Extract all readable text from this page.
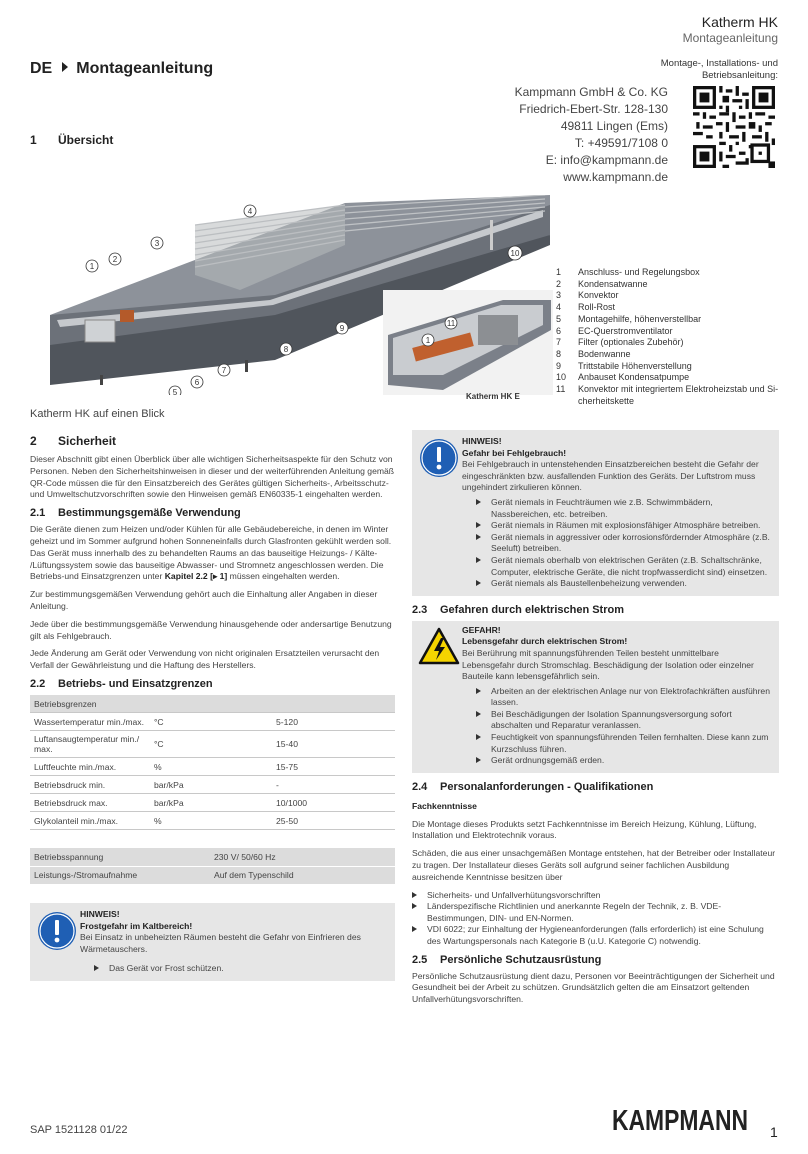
Katherm HK
Montageanleitung
DE Montageanleitung	Montage-, Installations- und
Betriebsanleitung:
Kampmann GmbH & Co. KG
Friedrich-Ebert-Str. 128-130
49811 Lingen (Ems)
T: +49591/7108 0
E: info@kampmann.de
www.kampmann.de
1 Übersicht
1
2
3
4
5
6
7
8
9
10
Katherm HK auf einen Blick
1
11
Katherm HK E
1	Anschluss- und Regelungsbox
2	Kondensatwanne
3	Konvektor
4	Roll-Rost
5	Montagehilfe, höhenverstellbar
6	EC-Querstromventilator
7	Filter (optionales Zubehör)
8	Bodenwanne
9	Trittstabile Höhenverstellung
10	Anbauset Kondensatpumpe
11	Konvektor mit integriertem Elektroheizstab und Si-
cherheitskette
2 Sicherheit

Dieser Abschnitt gibt einen Überblick über alle wichtigen Sicherheitsaspekte für den Schutz von Personen. Neben den Sicherheitshinweisen in dieser und der weiterführenden Anleitung gemäß QR-Code müssen die für den Einsatzbereich des Gerätes gültigen Sicherheits-, Arbeitsschutz- und Umweltschutzvorschriften sowie den Hinweisen gemäß EN60335-1 eingehalten werden.

2.1 Bestimmungsgemäße Verwendung

Die Geräte dienen zum Heizen und/oder Kühlen für alle Gebäudebereiche, in denen im Winter geheizt und im Sommer aufgrund hohen Sonneneinfalls durch Glasfronten gekühlt werden soll. Das Gerät muss innerhalb des zu behandelten Raums an das bauseitige Heizungs- / Kälte- /Lüftungssystem sowie das bauseitige Abwasser- und Stromnetz angeschlossen werden. Die Betriebs-und Einsatzgrenzen unter Kapitel 2.2 [▸ 1] müssen eingehalten werden.

Zur bestimmungsgemäßen Verwendung gehört auch die Einhaltung aller Angaben in dieser Anleitung.

Jede über die bestimmungsgemäße Verwendung hinausgehende oder andersartige Benutzung gilt als Fehlgebrauch.

Jede Änderung am Gerät oder Verwendung von nicht originalen Ersatzteilen verursacht den Verfall der Gewährleistung und die Haftung des Herstellers.

2.2 Betriebs- und Einsatzgrenzen
Betriebsgrenzen		
Wassertemperatur min./max.	°C	5-120
Luftansaugtemperatur min./ max.	°C	15-40
Luftfeuchte min./max.	%	15-75
Betriebsdruck min.	bar/kPa	-
Betriebsdruck max.	bar/kPa	10/1000
Glykolanteil min./max.	%	25-50
Betriebsspannung	230 V/ 50/60 Hz
Leistungs-/Stromaufnahme	Auf dem Typenschild
HINWEIS!
Frostgefahr im Kaltbereich!
Bei Einsatz in unbeheizten Räumen besteht die Gefahr von Einfrieren des Wärmetauschers.
Das Gerät vor Frost schützen.
HINWEIS!
Gefahr bei Fehlgebrauch!
Bei Fehlgebrauch in untenstehenden Einsatzbereichen besteht die Gefahr der eingeschränkten bzw. ausfallenden Funktion des Geräts. Der Luftstrom muss ungehindert zirkulieren können.
Gerät niemals in Feuchträumen wie z.B. Schwimmbädern, Nassbereichen, etc. betreiben.
Gerät niemals in Räumen mit explosionsfähiger Atmosphäre betreiben.
Gerät niemals in aggressiver oder korrosionsfördernder Atmosphäre (z.B. Seeluft) betreiben.
Gerät niemals oberhalb von elektrischen Geräten (z.B. Schaltschränke, Computer, elektrische Geräte, die nicht tropfwasserdicht sind) einsetzen.
Gerät niemals als Baustellenbeheizung verwenden.
2.3 Gefahren durch elektrischen Strom
GEFAHR!
Lebensgefahr durch elektrischen Strom!
Bei Berührung mit spannungsführenden Teilen besteht unmittelbare Lebensgefahr durch Stromschlag. Beschädigung der Isolation oder einzelner Bauteile kann lebensgefährlich sein.
Arbeiten an der elektrischen Anlage nur von Elektrofachkräften ausführen lassen.
Bei Beschädigungen der Isolation Spannungsversorgung sofort abschalten und Reparatur veranlassen.
Feuchtigkeit von spannungsführenden Teilen fernhalten. Diese kann zum Kurzschluss führen.
Gerät ordnungsgemäß erden.
2.4 Personalanforderungen - Qualifikationen

Fachkenntnisse

Die Montage dieses Produkts setzt Fachkenntnisse im Bereich Heizung, Kühlung, Lüftung, Installation und Elektrotechnik voraus.

Schäden, die aus einer unsachgemäßen Montage entstehen, hat der Betreiber oder Installateur zu tragen. Der Installateur dieses Geräts soll aufgrund seiner fachlichen Ausbildung ausreichende Kenntnisse besitzen über

Sicherheits- und Unfallverhütungsvorschriften
Länderspezifische Richtlinien und anerkannte Regeln der Technik, z. B. VDE-Bestimmungen, DIN- und EN-Normen.
VDI 6022; zur Einhaltung der Hygieneanforderungen (falls erforderlich) ist eine Schulung des Wartungspersonals nach Kategorie B (u.U. Kategorie C) notwendig.
2.5 Persönliche Schutzausrüstung

Persönliche Schutzausrüstung dient dazu, Personen vor Beeinträchtigungen der Sicherheit und Gesundheit bei der Arbeit zu schützen. Grundsätzlich gelten die am Einsatzort geltenden Unfallverhütungsvorschriften.

SAP 1521128 01/22	KAMPMANN 1
